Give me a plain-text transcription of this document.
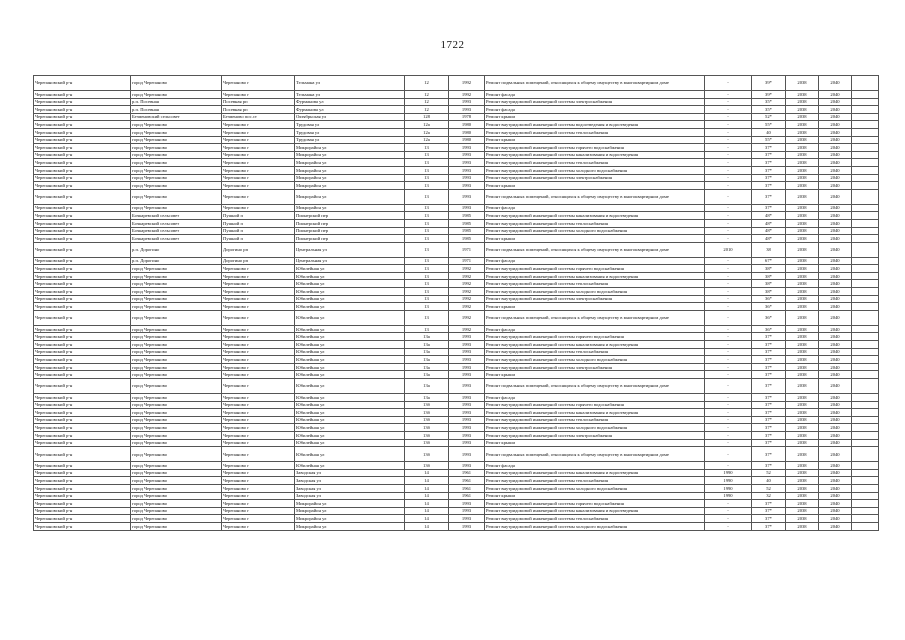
1722
Черепановский р-н	город Черепаново	Черепаново г	Тельмана ул	12	1992	Ремонт подвальных помещений, относящихся к общему имуществу в многоквартирном доме	-	39*	2038	2040	
Черепановский р-н	город Черепаново	Черепаново г	Тельмана ул	12	1992	Ремонт фасада	-	39*	2038	2040	
Черепановский р-н	р.п. Посевная	Посевная рп	Фурманова ул	12	1993	Ремонт внутридомовой инженерной системы электроснабжения	-	35*	2038	2040	
Черепановский р-н	р.п. Посевная	Посевная рп	Фурманова ул	12	1993	Ремонт фасада	-	35*	2038	2040	
Черепановский р-н	Безменовский сельсовет	Безменово пос.ст	Октябрьская ул	128	1978	Ремонт крыши	-	52*	2038	2040	
Черепановский р-н	город Черепаново	Черепаново г	Трудовая ул	12а	1980	Ремонт внутридомовой инженерной системы водоотведения и водоотведения	-	55*	2038	2040	
Черепановский р-н	город Черепаново	Черепаново г	Трудовая ул	12а	1980	Ремонт внутридомовой инженерной системы теплоснабжения	-	40	2038	2040	
Черепановский р-н	город Черепаново	Черепаново г	Трудовая ул	12а	1980	Ремонт крыши	-	55*	2038	2040	
Черепановский р-н	город Черепаново	Черепаново г	Микрорайон ул	13	1993	Ремонт внутридомовой инженерной системы горячего водоснабжения	-	37*	2038	2040	
Черепановский р-н	город Черепаново	Черепаново г	Микрорайон ул	13	1993	Ремонт внутридомовой инженерной системы канализования и водоотведения	-	37*	2038	2040	
Черепановский р-н	город Черепаново	Черепаново г	Микрорайон ул	13	1993	Ремонт внутридомовой инженерной системы теплоснабжения	-	37*	2038	2040	
Черепановский р-н	город Черепаново	Черепаново г	Микрорайон ул	13	1993	Ремонт внутридомовой инженерной системы холодного водоснабжения	-	37*	2038	2040	
Черепановский р-н	город Черепаново	Черепаново г	Микрорайон ул	13	1993	Ремонт внутридомовой инженерной системы электроснабжения	-	37*	2038	2040	
Черепановский р-н	город Черепаново	Черепаново г	Микрорайон ул	13	1993	Ремонт крыши	-	37*	2038	2040	
Черепановский р-н	город Черепаново	Черепаново г	Микрорайон ул	13	1993	Ремонт подвальных помещений, относящихся к общему имуществу в многоквартирном доме	-	37*	2038	2040	
Черепановский р-н	город Черепаново	Черепаново г	Микрорайон ул	13	1993	Ремонт фасада	-	37*	2038	2040	
Черепановский р-н	Бочкаревский сельсовет	Пушной п	Пионерский пер	13	1985	Ремонт внутридомовой инженерной системы канализования и водоотведения	-	48*	2038	2040	
Черепановский р-н	Бочкаревский сельсовет	Пушной п	Пионерский пер	13	1985	Ремонт внутридомовой инженерной системы теплоснабжения	-	48*	2038	2040	
Черепановский р-н	Бочкаревский сельсовет	Пушной п	Пионерский пер	13	1985	Ремонт внутридомовой инженерной системы холодного водоснабжения	-	48*	2038	2040	
Черепановский р-н	Бочкаревский сельсовет	Пушной п	Пионерский пер	13	1985	Ремонт крыши	-	48*	2038	2040	
Черепановский р-н	р.п. Дорогино	Дорогино рп	Центральная ул	13	1971	Ремонт подвальных помещений, относящихся к общему имуществу в многоквартирном доме	2010	38	2038	2040	
Черепановский р-н	р.п. Дорогино	Дорогино рп	Центральная ул	13	1971	Ремонт фасада	-	67*	2038	2040	
Черепановский р-н	город Черепаново	Черепаново г	Юбилейная ул	13	1992	Ремонт внутридомовой инженерной системы горячего водоснабжения	-	38*	2038	2040	
Черепановский р-н	город Черепаново	Черепаново г	Юбилейная ул	13	1992	Ремонт внутридомовой инженерной системы канализования и водоотведения	-	38*	2038	2040	
Черепановский р-н	город Черепаново	Черепаново г	Юбилейная ул	13	1992	Ремонт внутридомовой инженерной системы теплоснабжения	-	38*	2038	2040	
Черепановский р-н	город Черепаново	Черепаново г	Юбилейная ул	13	1992	Ремонт внутридомовой инженерной системы холодного водоснабжения	-	38*	2038	2040	
Черепановский р-н	город Черепаново	Черепаново г	Юбилейная ул	13	1992	Ремонт внутридомовой инженерной системы электроснабжения	-	36*	2038	2040	
Черепановский р-н	город Черепаново	Черепаново г	Юбилейная ул	13	1992	Ремонт крыши	-	36*	2038	2040	
Черепановский р-н	город Черепаново	Черепаново г	Юбилейная ул	13	1992	Ремонт подвальных помещений, относящихся к общему имуществу в многоквартирном доме	-	36*	2038	2040	
Черепановский р-н	город Черепаново	Черепаново г	Юбилейная ул	13	1992	Ремонт фасада	-	36*	2038	2040	
Черепановский р-н	город Черепаново	Черепаново г	Юбилейная ул	13а	1993	Ремонт внутридомовой инженерной системы горячего водоснабжения	-	37*	2038	2040	
Черепановский р-н	город Черепаново	Черепаново г	Юбилейная ул	13а	1993	Ремонт внутридомовой инженерной системы канализования и водоотведения	-	37*	2038	2040	
Черепановский р-н	город Черепаново	Черепаново г	Юбилейная ул	13а	1993	Ремонт внутридомовой инженерной системы теплоснабжения	-	37*	2038	2040	
Черепановский р-н	город Черепаново	Черепаново г	Юбилейная ул	13а	1993	Ремонт внутридомовой инженерной системы холодного водоснабжения	-	37*	2038	2040	
Черепановский р-н	город Черепаново	Черепаново г	Юбилейная ул	13а	1993	Ремонт внутридомовой инженерной системы электроснабжения	-	37*	2038	2040	
Черепановский р-н	город Черепаново	Черепаново г	Юбилейная ул	13а	1993	Ремонт крыши	-	37*	2038	2040	
Черепановский р-н	город Черепаново	Черепаново г	Юбилейная ул	13а	1993	Ремонт подвальных помещений, относящихся к общему имуществу в многоквартирном доме	-	37*	2038	2040	
Черепановский р-н	город Черепаново	Черепаново г	Юбилейная ул	13а	1993	Ремонт фасада	-	37*	2038	2040	
Черепановский р-н	город Черепаново	Черепаново г	Юбилейная ул	13б	1993	Ремонт внутридомовой инженерной системы горячего водоснабжения	-	37*	2038	2040	
Черепановский р-н	город Черепаново	Черепаново г	Юбилейная ул	13б	1993	Ремонт внутридомовой инженерной системы канализования и водоотведения	-	37*	2038	2040	
Черепановский р-н	город Черепаново	Черепаново г	Юбилейная ул	13б	1993	Ремонт внутридомовой инженерной системы теплоснабжения	-	37*	2038	2040	
Черепановский р-н	город Черепаново	Черепаново г	Юбилейная ул	13б	1993	Ремонт внутридомовой инженерной системы холодного водоснабжения	-	37*	2038	2040	
Черепановский р-н	город Черепаново	Черепаново г	Юбилейная ул	13б	1993	Ремонт внутридомовой инженерной системы электроснабжения	-	37*	2038	2040	
Черепановский р-н	город Черепаново	Черепаново г	Юбилейная ул	13б	1993	Ремонт крыши	-	37*	2038	2040	
Черепановский р-н	город Черепаново	Черепаново г	Юбилейная ул	13б	1993	Ремонт подвальных помещений, относящихся к общему имуществу в многоквартирном доме	-	37*	2038	2040	
Черепановский р-н	город Черепаново	Черепаново г	Юбилейная ул	13б	1993	Ремонт фасада	-	37*	2038	2040	
Черепановский р-н	город Черепаново	Черепаново г	Заводская ул	14	1961	Ремонт внутридомовой инженерной системы канализования и водоотведения	1990	52	2038	2040	
Черепановский р-н	город Черепаново	Черепаново г	Заводская ул	14	1961	Ремонт внутридомовой инженерной системы теплоснабжения	1990	40	2038	2040	
Черепановский р-н	город Черепаново	Черепаново г	Заводская ул	14	1961	Ремонт внутридомовой инженерной системы холодного водоснабжения	1990	52	2038	2040	
Черепановский р-н	город Черепаново	Черепаново г	Заводская ул	14	1961	Ремонт крыши	1990	32	2038	2040	
Черепановский р-н	город Черепаново	Черепаново г	Микрорайон ул	14	1993	Ремонт внутридомовой инженерной системы горячего водоснабжения	-	37*	2038	2040	
Черепановский р-н	город Черепаново	Черепаново г	Микрорайон ул	14	1993	Ремонт внутридомовой инженерной системы канализования и водоотведения	-	37*	2038	2040	
Черепановский р-н	город Черепаново	Черепаново г	Микрорайон ул	14	1993	Ремонт внутридомовой инженерной системы теплоснабжения	-	37*	2038	2040	
Черепановский р-н	город Черепаново	Черепаново г	Микрорайон ул	14	1993	Ремонт внутридомовой инженерной системы холодного водоснабжения	-	37*	2038	2040	
